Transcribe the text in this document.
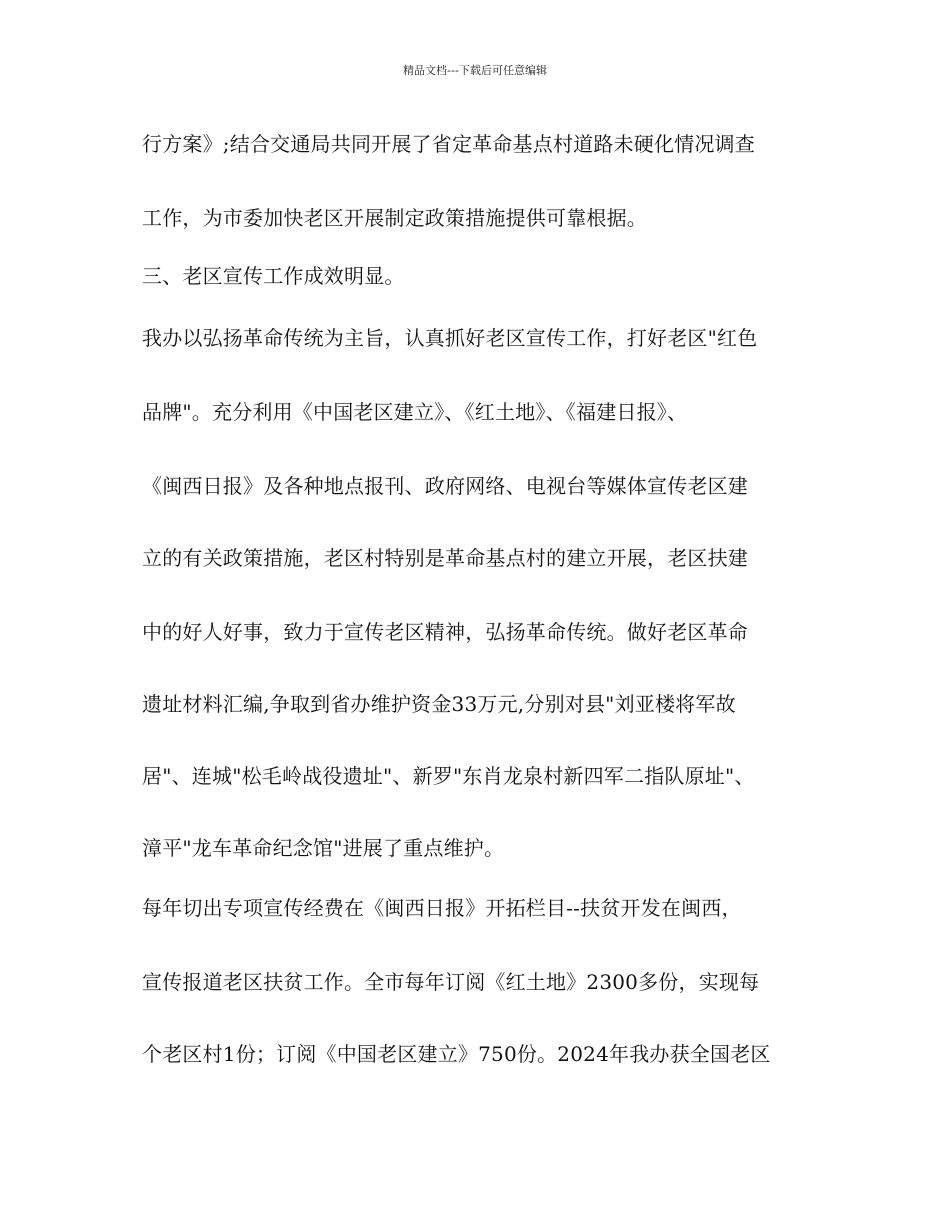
精品文档---下载后可任意编辑
行方案》;结合交通局共同开展了省定革命基点村道路未硬化情况调查
工作，为市委加快老区开展制定政策措施提供可靠根据。
三、老区宣传工作成效明显。
我办以弘扬革命传统为主旨，认真抓好老区宣传工作，打好老区"红色
品牌"。充分利用《中国老区建立》、《红土地》、《福建日报》、
《闽西日报》及各种地点报刊、政府网络、电视台等媒体宣传老区建
立的有关政策措施，老区村特别是革命基点村的建立开展，老区扶建
中的好人好事，致力于宣传老区精神，弘扬革命传统。做好老区革命
遗址材料汇编,争取到省办维护资金33万元,分别对县"刘亚楼将军故
居"、连城"松毛岭战役遗址"、新罗"东肖龙泉村新四军二指队原址"、
漳平"龙车革命纪念馆"进展了重点维护。
每年切出专项宣传经费在《闽西日报》开拓栏目--扶贫开发在闽西，
宣传报道老区扶贫工作。全市每年订阅《红土地》2300多份，实现每
个老区村1份；订阅《中国老区建立》750份。2024年我办获全国老区
